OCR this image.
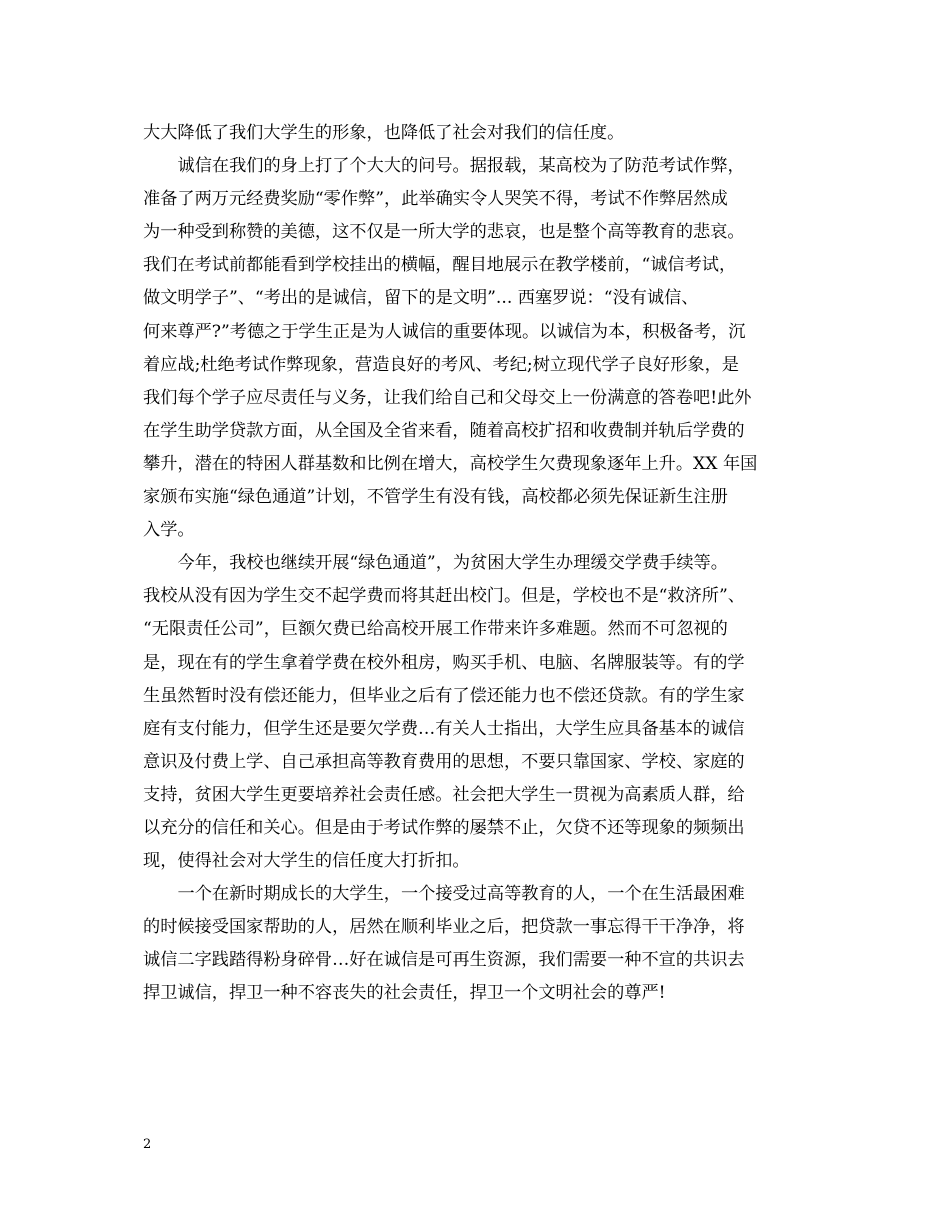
大大降低了我们大学生的形象，也降低了社会对我们的信任度。
诚信在我们的身上打了个大大的问号。据报载，某高校为了防范考试作弊，
准备了两万元经费奖励“零作弊”，此举确实令人哭笑不得，考试不作弊居然成
为一种受到称赞的美德，这不仅是一所大学的悲哀，也是整个高等教育的悲哀。
我们在考试前都能看到学校挂出的横幅，醒目地展示在教学楼前，“诚信考试，
做文明学子”、“考出的是诚信，留下的是文明”... 西塞罗说：“没有诚信、
何来尊严?”考德之于学生正是为人诚信的重要体现。以诚信为本，积极备考，沉
着应战;杜绝考试作弊现象，营造良好的考风、考纪;树立现代学子良好形象，是
我们每个学子应尽责任与义务，让我们给自己和父母交上一份满意的答卷吧!此外
在学生助学贷款方面，从全国及全省来看，随着高校扩招和收费制并轨后学费的
攀升，潜在的特困人群基数和比例在增大，高校学生欠费现象逐年上升。XX 年国
家颁布实施“绿色通道”计划，不管学生有没有钱，高校都必须先保证新生注册
入学。
今年，我校也继续开展“绿色通道”，为贫困大学生办理缓交学费手续等。
我校从没有因为学生交不起学费而将其赶出校门。但是，学校也不是“救济所”、
“无限责任公司”，巨额欠费已给高校开展工作带来许多难题。然而不可忽视的
是，现在有的学生拿着学费在校外租房，购买手机、电脑、名牌服装等。有的学
生虽然暂时没有偿还能力，但毕业之后有了偿还能力也不偿还贷款。有的学生家
庭有支付能力，但学生还是要欠学费…有关人士指出，大学生应具备基本的诚信
意识及付费上学、自己承担高等教育费用的思想，不要只靠国家、学校、家庭的
支持，贫困大学生更要培养社会责任感。社会把大学生一贯视为高素质人群，给
以充分的信任和关心。但是由于考试作弊的屡禁不止，欠贷不还等现象的频频出
现，使得社会对大学生的信任度大打折扣。
一个在新时期成长的大学生，一个接受过高等教育的人，一个在生活最困难
的时候接受国家帮助的人，居然在顺利毕业之后，把贷款一事忘得干干净净，将
诚信二字践踏得粉身碎骨…好在诚信是可再生资源，我们需要一种不宣的共识去
捍卫诚信，捍卫一种不容丧失的社会责任，捍卫一个文明社会的尊严!
2
